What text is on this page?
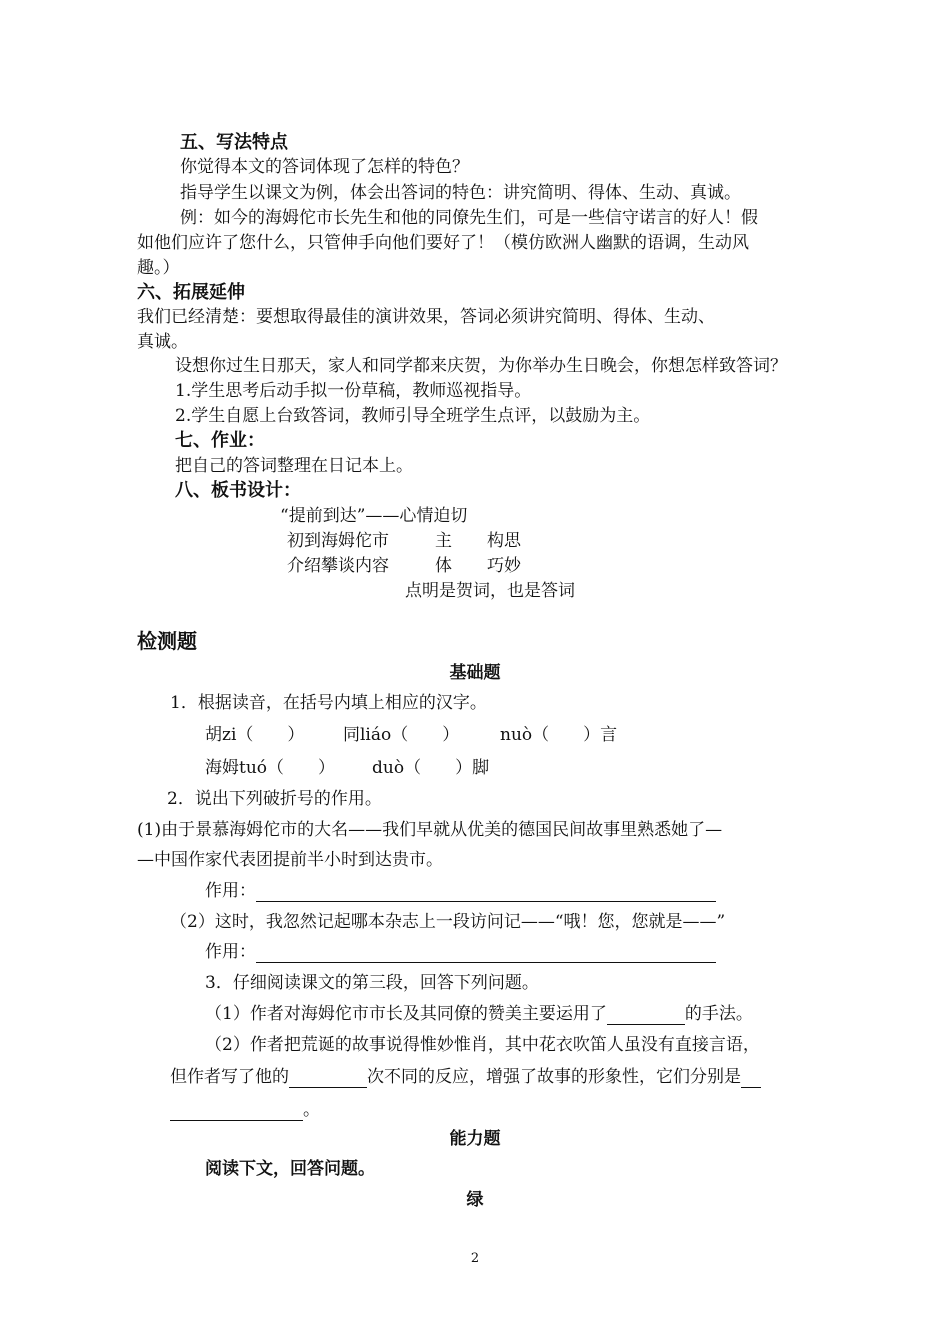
五、写法特点
你觉得本文的答词体现了怎样的特色？
指导学生以课文为例，体会出答词的特色：讲究简明、得体、生动、真诚。
例：如今的海姆佗市长先生和他的同僚先生们，可是一些信守诺言的好人！假
如他们应许了您什么，只管伸手向他们要好了！（模仿欧洲人幽默的语调，生动风
趣。）
六、拓展延伸
我们已经清楚：要想取得最佳的演讲效果，答词必须讲究简明、得体、生动、
真诚。
设想你过生日那天，家人和同学都来庆贺，为你举办生日晚会，你想怎样致答词？
1.学生思考后动手拟一份草稿，教师巡视指导。
2.学生自愿上台致答词，教师引导全班学生点评，以鼓励为主。
七、作业：
把自己的答词整理在日记本上。
八、板书设计：
“提前到达”——心情迫切
初到海姆佗市	主 构思
介绍攀谈内容	体 巧妙
点明是贺词，也是答词
检测题
基础题
1．根据读音，在括号内填上相应的汉字。
胡zi（　　） 同liáo（　　） nuò（　　）言
海姆tuó（　　） duò（　　）脚
2．说出下列破折号的作用。
(1)由于景慕海姆佗市的大名——我们早就从优美的德国民间故事里熟悉她了—
—中国作家代表团提前半小时到达贵市。
作用：
（2）这时，我忽然记起哪本杂志上一段访问记——“哦！您，您就是——”
作用：
3．仔细阅读课文的第三段，回答下列问题。
（1）作者对海姆佗市市长及其同僚的赞美主要运用了	的手法。
（2）作者把荒诞的故事说得惟妙惟肖，其中花衣吹笛人虽没有直接言语，
但作者写了他的	次不同的反应，增强了故事的形象性，它们分别是
。
能力题
阅读下文，回答问题。
绿
2
